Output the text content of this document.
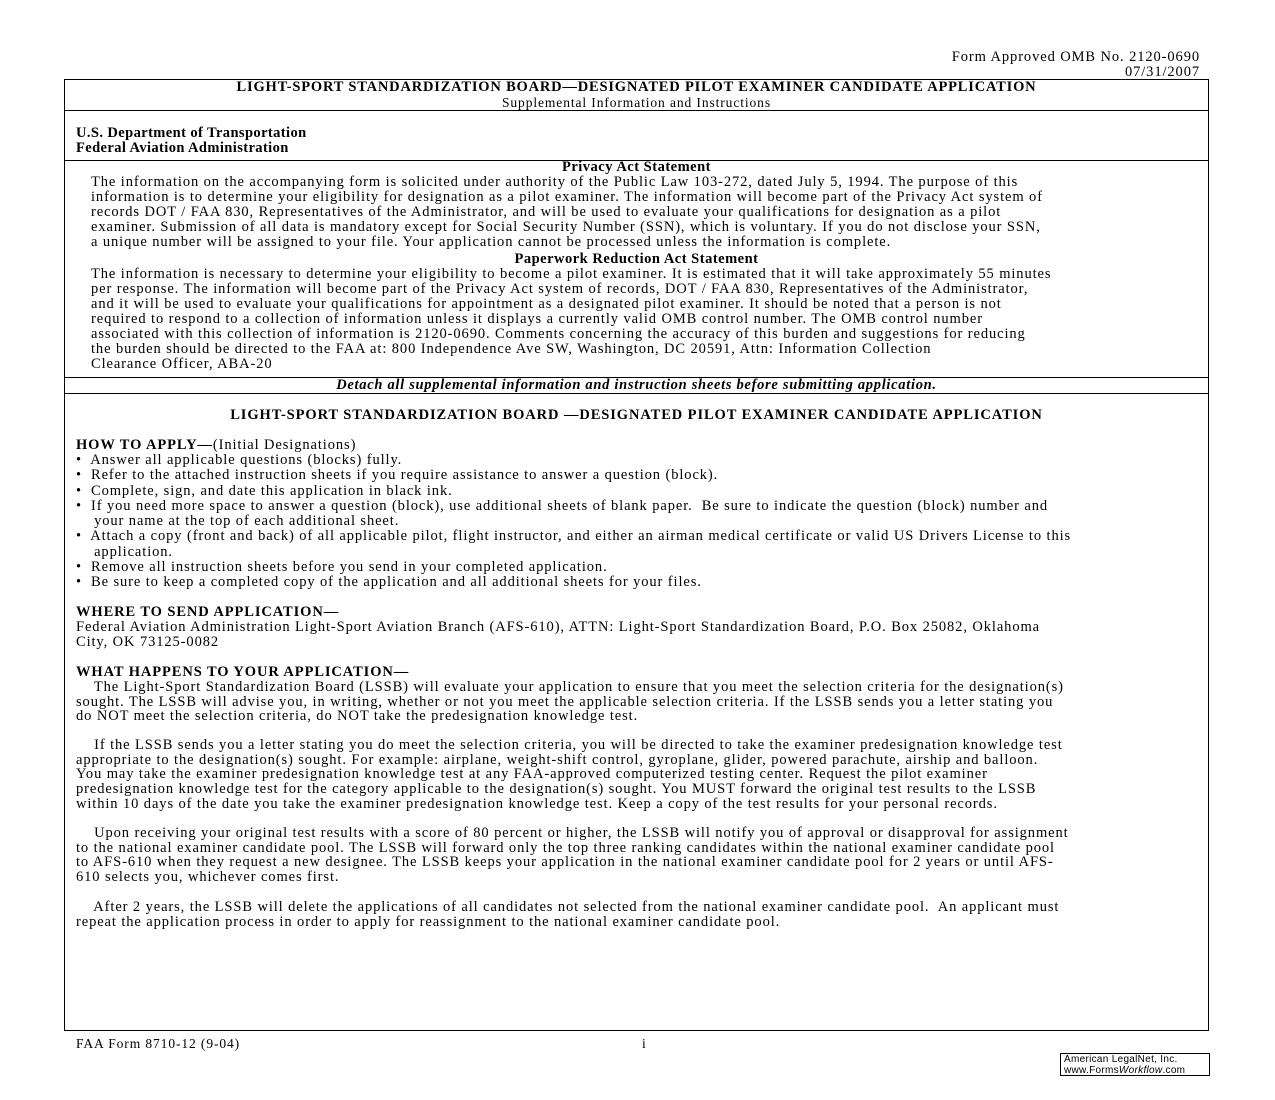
Form Approved OMB No. 2120-0690
07/31/2007
LIGHT-SPORT STANDARDIZATION BOARD—DESIGNATED PILOT EXAMINER CANDIDATE APPLICATION
Supplemental Information and Instructions
U.S. Department of Transportation
Federal Aviation Administration
Privacy Act Statement
The information on the accompanying form is solicited under authority of the Public Law 103-272, dated July 5, 1994. The purpose of this
information is to determine your eligibility for designation as a pilot examiner. The information will become part of the Privacy Act system of
records DOT / FAA 830, Representatives of the Administrator, and will be used to evaluate your qualifications for designation as a pilot
examiner. Submission of all data is mandatory except for Social Security Number (SSN), which is voluntary. If you do not disclose your SSN,
a unique number will be assigned to your file. Your application cannot be processed unless the information is complete.
Paperwork Reduction Act Statement
The information is necessary to determine your eligibility to become a pilot examiner. It is estimated that it will take approximately 55 minutes
per response. The information will become part of the Privacy Act system of records, DOT / FAA 830, Representatives of the Administrator,
and it will be used to evaluate your qualifications for appointment as a designated pilot examiner. It should be noted that a person is not
required to respond to a collection of information unless it displays a currently valid OMB control number. The OMB control number
associated with this collection of information is 2120-0690. Comments concerning the accuracy of this burden and suggestions for reducing
the burden should be directed to the FAA at: 800 Independence Ave SW, Washington, DC 20591, Attn: Information Collection
Clearance Officer, ABA-20
Detach all supplemental information and instruction sheets before submitting application.
LIGHT-SPORT STANDARDIZATION BOARD —DESIGNATED PILOT EXAMINER CANDIDATE APPLICATION
HOW TO APPLY—(Initial Designations)
•  Answer all applicable questions (blocks) fully.
•  Refer to the attached instruction sheets if you require assistance to answer a question (block).
•  Complete, sign, and date this application in black ink.
•  If you need more space to answer a question (block), use additional sheets of blank paper.  Be sure to indicate the question (block) number and
your name at the top of each additional sheet.
•  Attach a copy (front and back) of all applicable pilot, flight instructor, and either an airman medical certificate or valid US Drivers License to this
application.
•  Remove all instruction sheets before you send in your completed application.
•  Be sure to keep a completed copy of the application and all additional sheets for your files.
WHERE TO SEND APPLICATION—
Federal Aviation Administration Light-Sport Aviation Branch (AFS-610), ATTN: Light-Sport Standardization Board, P.O. Box 25082, Oklahoma
City, OK 73125-0082
WHAT HAPPENS TO YOUR APPLICATION—
The Light-Sport Standardization Board (LSSB) will evaluate your application to ensure that you meet the selection criteria for the designation(s)
sought. The LSSB will advise you, in writing, whether or not you meet the applicable selection criteria. If the LSSB sends you a letter stating you
do NOT meet the selection criteria, do NOT take the predesignation knowledge test.
If the LSSB sends you a letter stating you do meet the selection criteria, you will be directed to take the examiner predesignation knowledge test
appropriate to the designation(s) sought. For example: airplane, weight-shift control, gyroplane, glider, powered parachute, airship and balloon.
You may take the examiner predesignation knowledge test at any FAA-approved computerized testing center. Request the pilot examiner
predesignation knowledge test for the category applicable to the designation(s) sought. You MUST forward the original test results to the LSSB
within 10 days of the date you take the examiner predesignation knowledge test. Keep a copy of the test results for your personal records.
Upon receiving your original test results with a score of 80 percent or higher, the LSSB will notify you of approval or disapproval for assignment
to the national examiner candidate pool. The LSSB will forward only the top three ranking candidates within the national examiner candidate pool
to AFS-610 when they request a new designee. The LSSB keeps your application in the national examiner candidate pool for 2 years or until AFS-
610 selects you, whichever comes first.
After 2 years, the LSSB will delete the applications of all candidates not selected from the national examiner candidate pool.  An applicant must
repeat the application process in order to apply for reassignment to the national examiner candidate pool.
FAA Form 8710-12 (9-04)	i
American LegalNet, Inc.
www.FormsWorkflow.com
